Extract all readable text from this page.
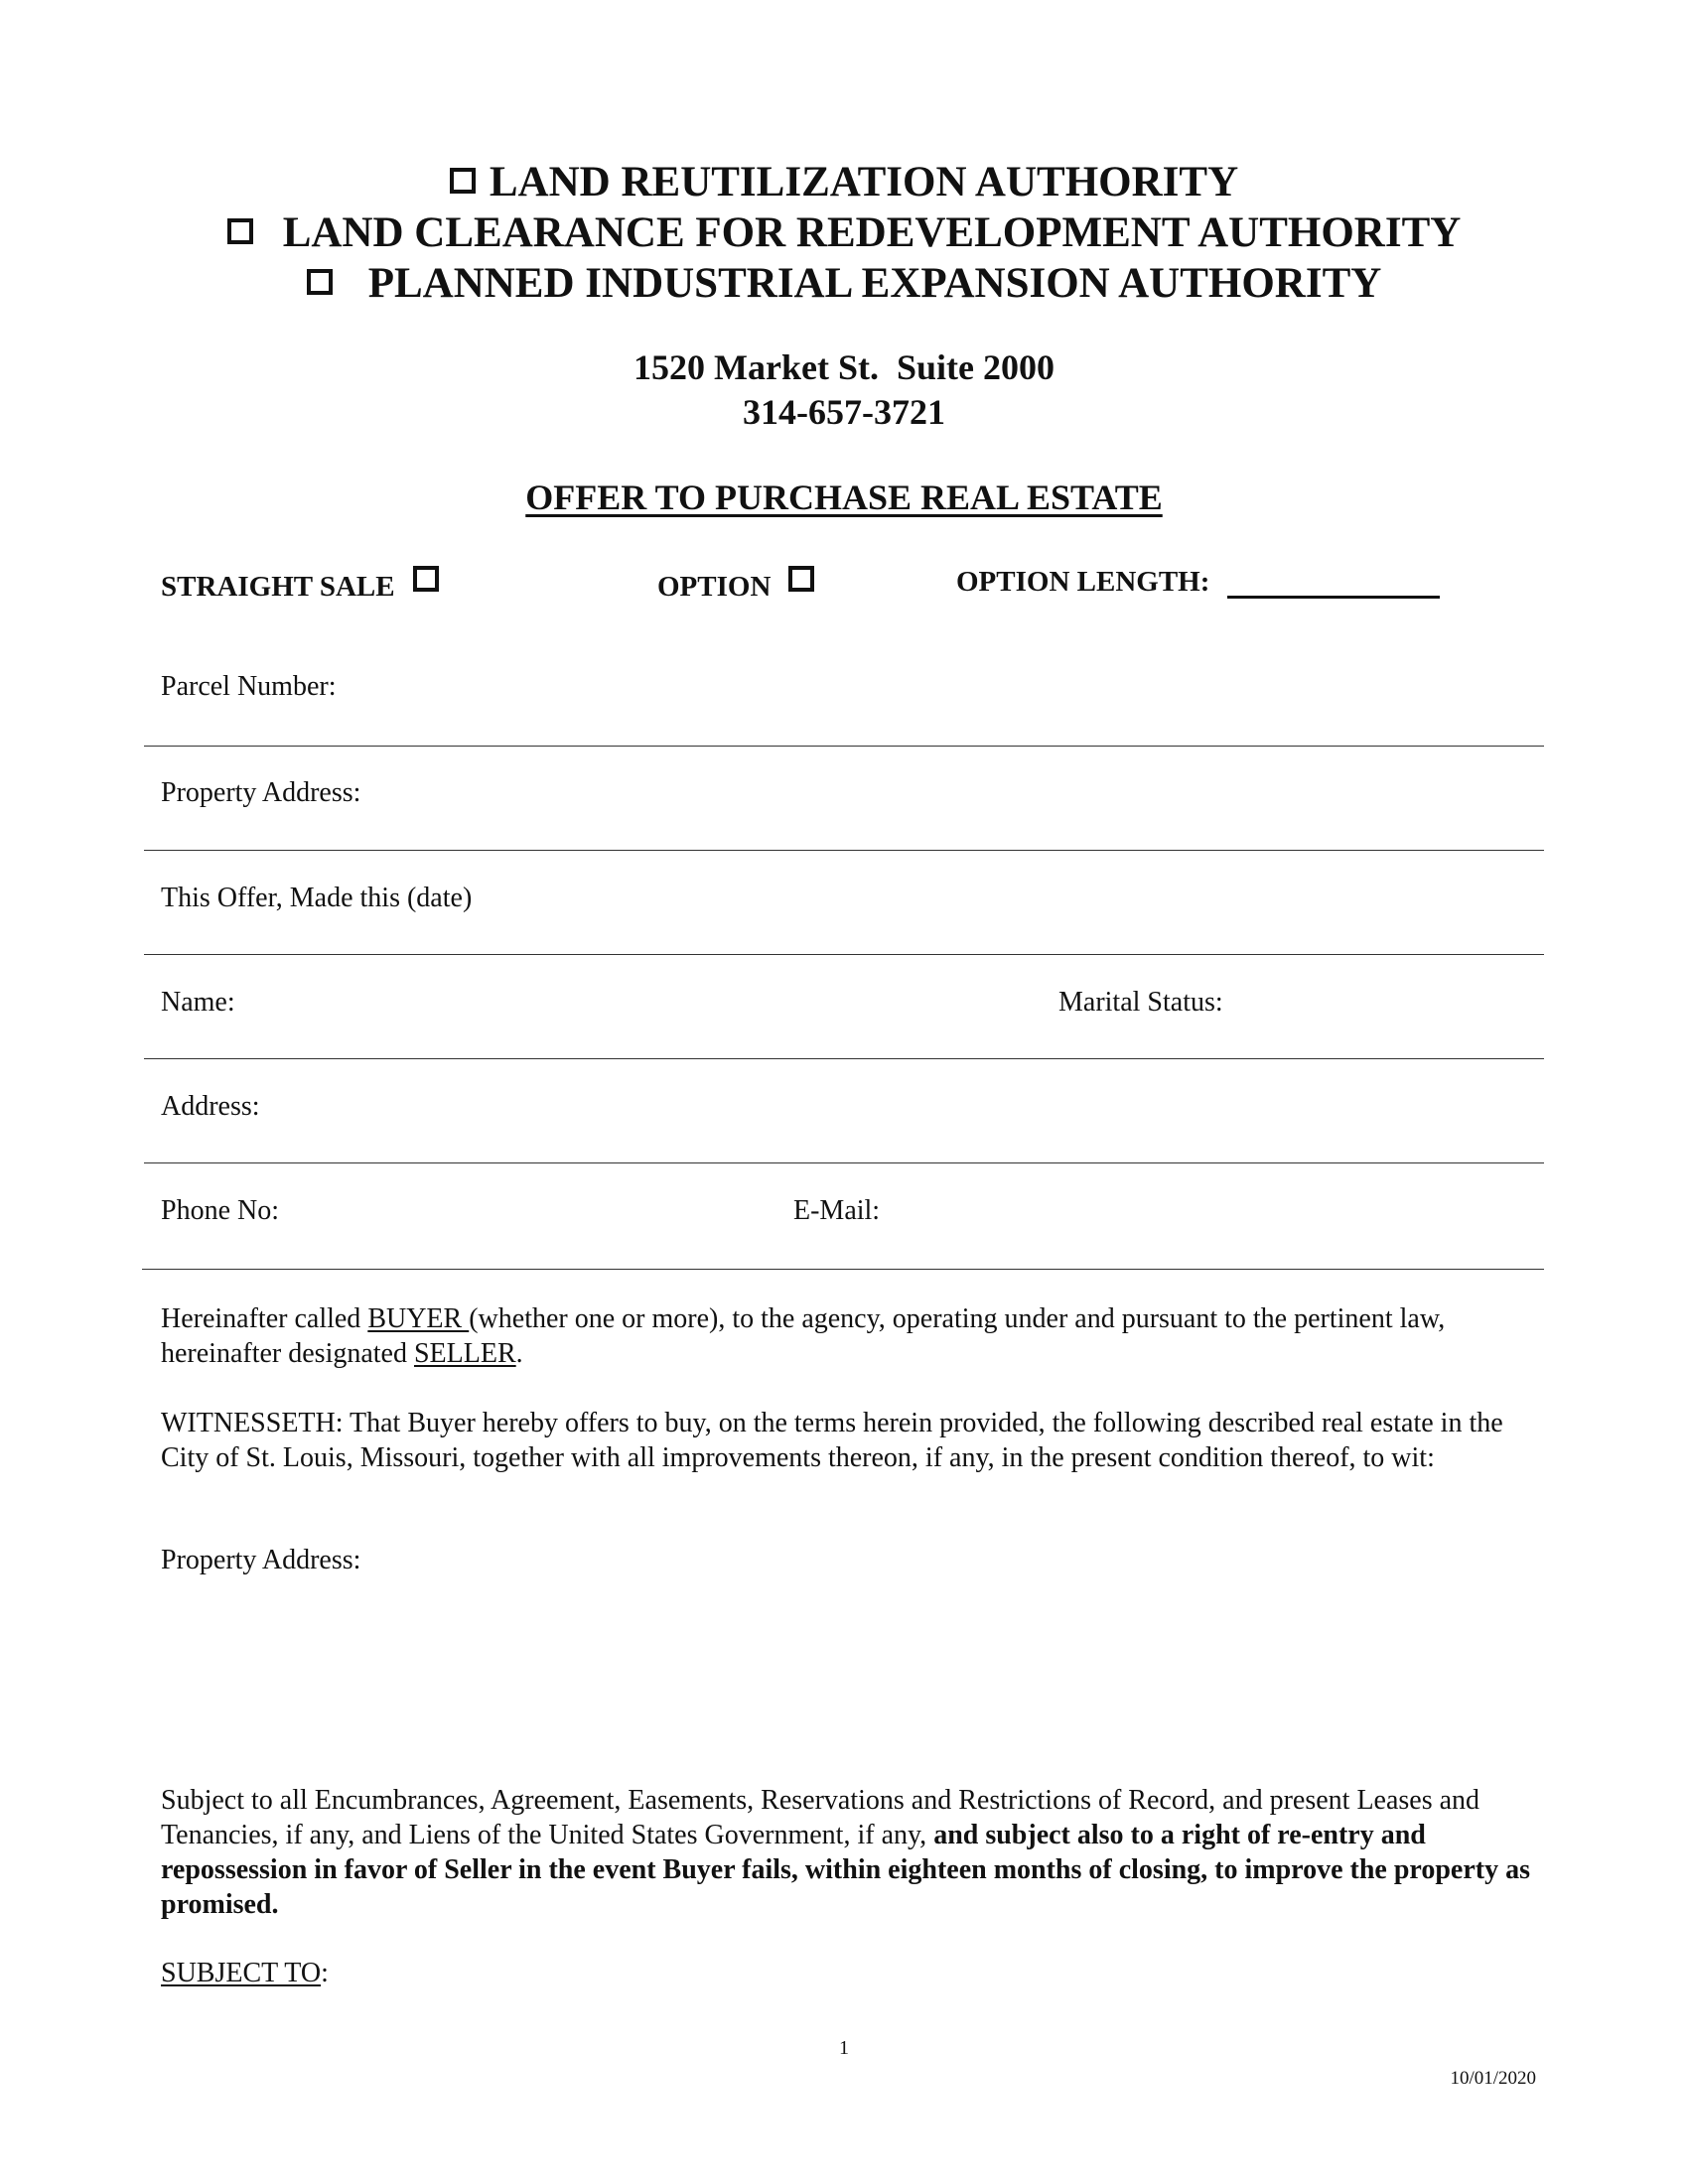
LAND REUTILIZATION AUTHORITY
LAND CLEARANCE FOR REDEVELOPMENT AUTHORITY
PLANNED INDUSTRIAL EXPANSION AUTHORITY
1520 Market St.  Suite 2000
314-657-3721
OFFER TO PURCHASE REAL ESTATE
STRAIGHT SALE	OPTION	OPTION LENGTH:
Parcel Number:
Property Address:
This Offer, Made this (date)
Name:	Marital Status:
Address:
Phone No:	E-Mail:
Hereinafter called BUYER (whether one or more), to the agency, operating under and pursuant to the pertinent law, hereinafter designated SELLER.
WITNESSETH: That Buyer hereby offers to buy, on the terms herein provided, the following described real estate in the City of St. Louis, Missouri, together with all improvements thereon, if any, in the present condition thereof, to wit:
Property Address:
Subject to all Encumbrances, Agreement, Easements, Reservations and Restrictions of Record, and present Leases and Tenancies, if any, and Liens of the United States Government, if any, and subject also to a right of re-entry and repossession in favor of Seller in the event Buyer fails, within eighteen months of closing, to improve the property as promised.
SUBJECT TO:
1
10/01/2020
